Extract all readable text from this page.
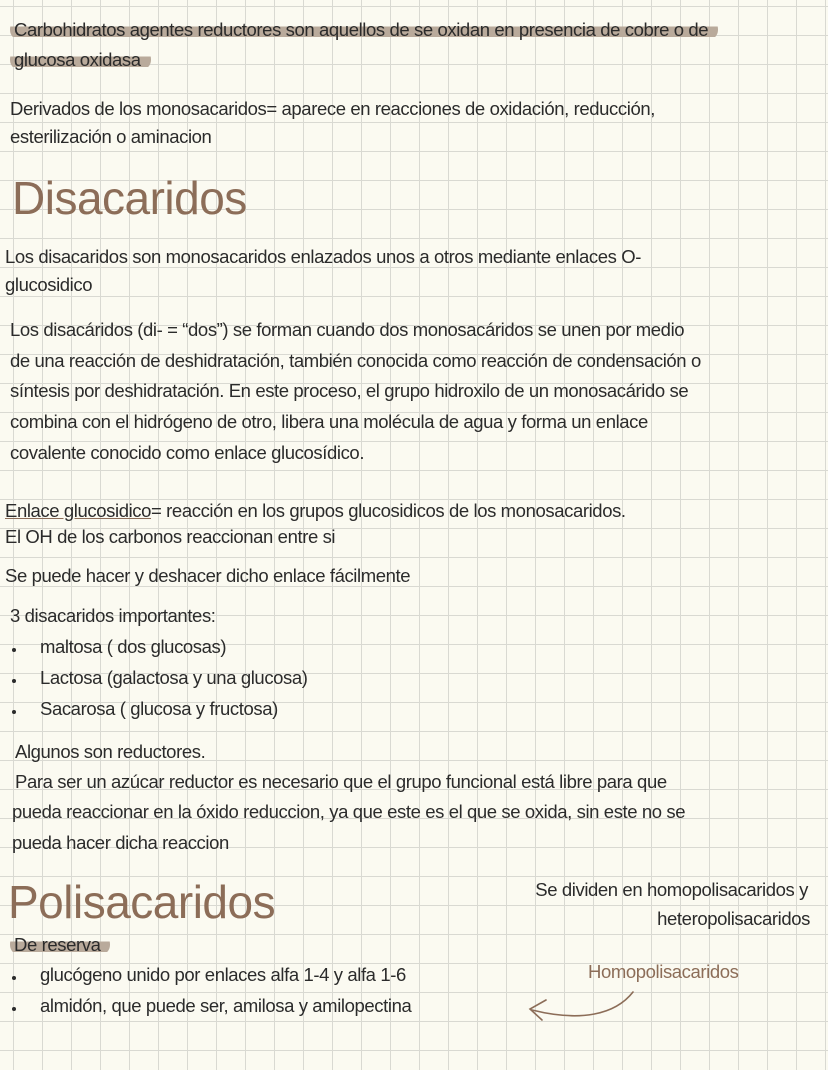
Carbohidratos agentes reductores son aquellos de se oxidan en presencia de cobre o de
glucosa oxidasa
Derivados de los monosacaridos= aparece en reacciones de oxidación, reducción,
esterilización o aminacion
Disacaridos
Los disacaridos son monosacaridos enlazados unos a otros mediante enlaces O-
glucosidico
Los disacáridos (di- = “dos”) se forman cuando dos monosacáridos se unen por medio
de una reacción de deshidratación, también conocida como reacción de condensación o
síntesis por deshidratación. En este proceso, el grupo hidroxilo de un monosacárido se
combina con el hidrógeno de otro, libera una molécula de agua y forma un enlace
covalente conocido como enlace glucosídico.
Enlace glucosidico= reacción en los grupos glucosidicos de los monosacaridos.
El OH de los carbonos reaccionan entre si
Se puede hacer y deshacer dicho enlace fácilmente
3 disacaridos importantes:
maltosa ( dos glucosas)
Lactosa (galactosa y una glucosa)
Sacarosa ( glucosa y fructosa)
Algunos son reductores.
Para ser un azúcar reductor es necesario que el grupo funcional está libre para que
pueda reaccionar en la óxido reduccion, ya que este es el que se oxida, sin este no se
pueda hacer dicha reaccion
Polisacaridos	Se dividen en homopolisacaridos y
heteropolisacaridos
De reserva
glucógeno unido por enlaces alfa 1-4 y alfa 1-6
almidón, que puede ser, amilosa y amilopectina
Homopolisacaridos
